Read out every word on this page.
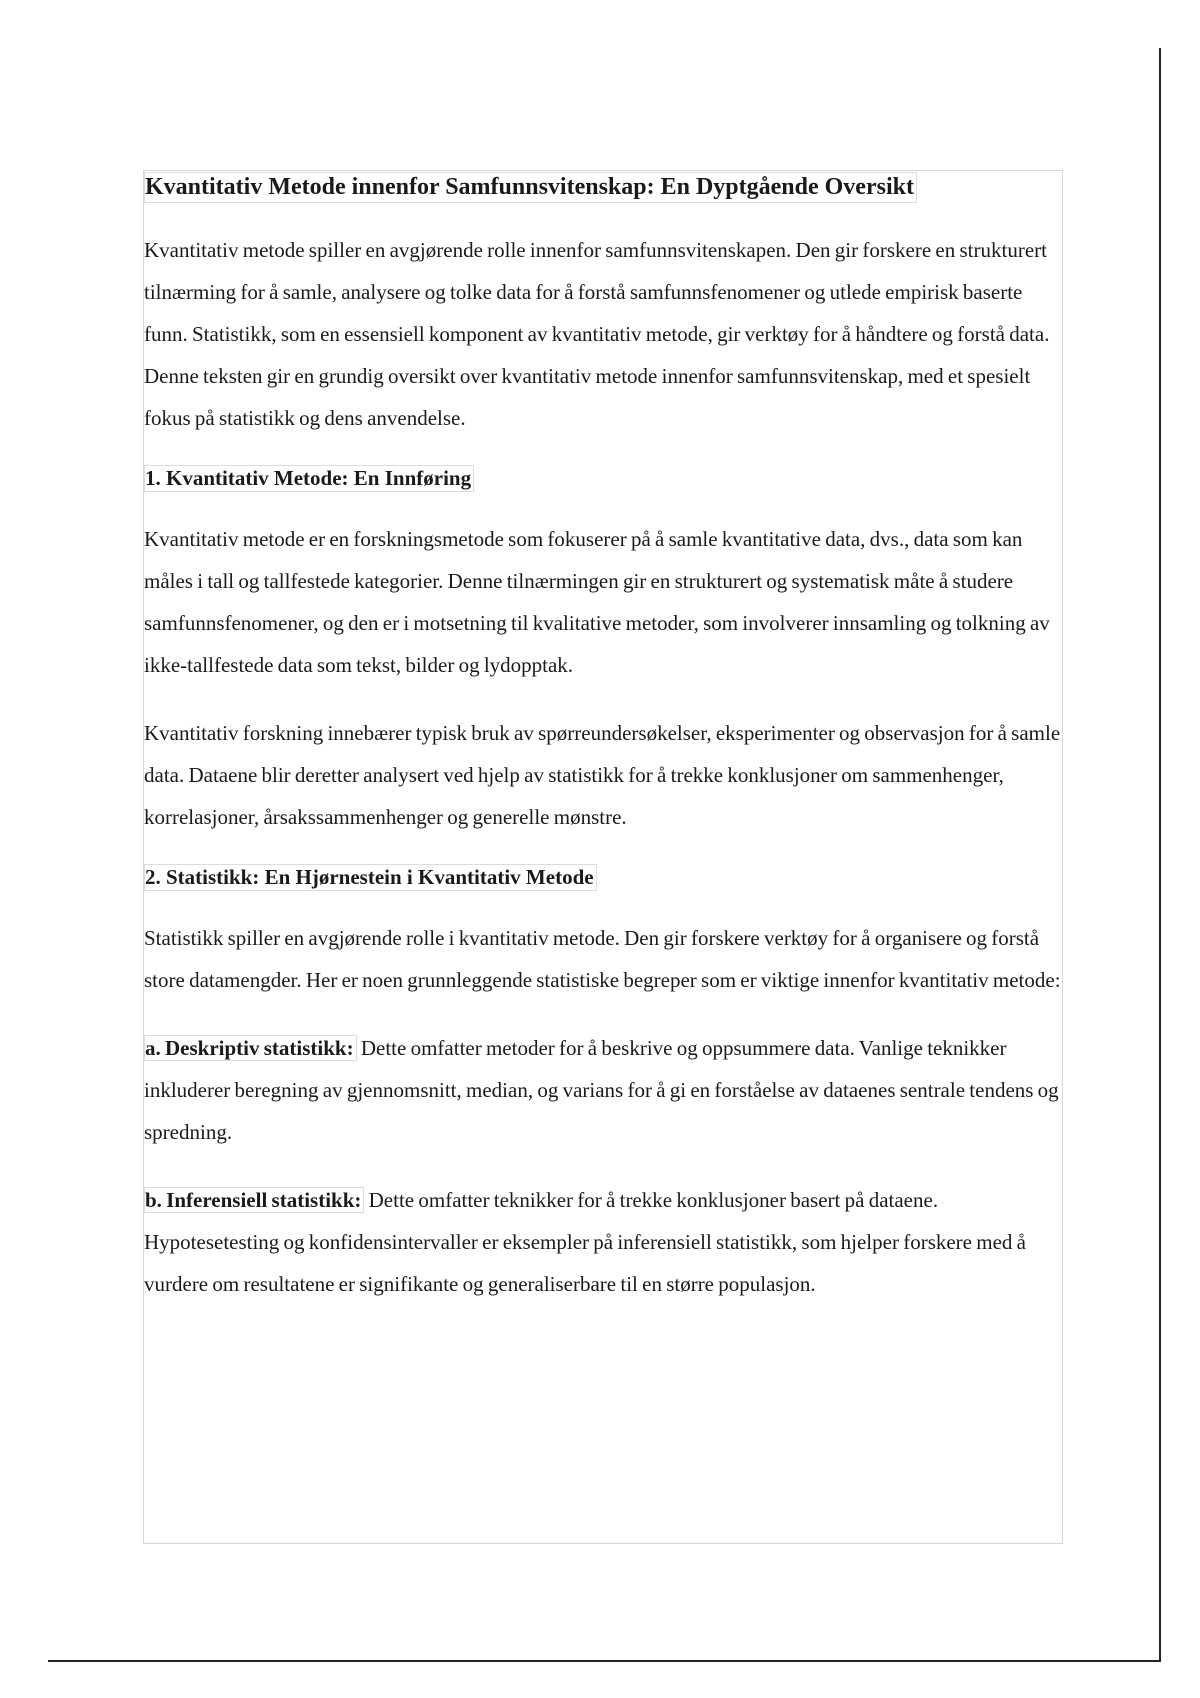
Kvantitativ Metode innenfor Samfunnsvitenskap: En Dyptgående Oversikt

Kvantitativ metode spiller en avgjørende rolle innenfor samfunnsvitenskapen. Den gir forskere en strukturert tilnærming for å samle, analysere og tolke data for å forstå samfunnsfenomener og utlede empirisk baserte funn. Statistikk, som en essensiell komponent av kvantitativ metode, gir verktøy for å håndtere og forstå data. Denne teksten gir en grundig oversikt over kvantitativ metode innenfor samfunnsvitenskap, med et spesielt fokus på statistikk og dens anvendelse.

1. Kvantitativ Metode: En Innføring

Kvantitativ metode er en forskningsmetode som fokuserer på å samle kvantitative data, dvs., data som kan måles i tall og tallfestede kategorier. Denne tilnærmingen gir en strukturert og systematisk måte å studere samfunnsfenomener, og den er i motsetning til kvalitative metoder, som involverer innsamling og tolkning av ikke-tallfestede data som tekst, bilder og lydopptak.

Kvantitativ forskning innebærer typisk bruk av spørreundersøkelser, eksperimenter og observasjon for å samle data. Dataene blir deretter analysert ved hjelp av statistikk for å trekke konklusjoner om sammenhenger, korrelasjoner, årsakssammenhenger og generelle mønstre.

2. Statistikk: En Hjørnestein i Kvantitativ Metode

Statistikk spiller en avgjørende rolle i kvantitativ metode. Den gir forskere verktøy for å organisere og forstå store datamengder. Her er noen grunnleggende statistiske begreper som er viktige innenfor kvantitativ metode:

a. Deskriptiv statistikk: Dette omfatter metoder for å beskrive og oppsummere data. Vanlige teknikker inkluderer beregning av gjennomsnitt, median, og varians for å gi en forståelse av dataenes sentrale tendens og spredning.

b. Inferensiell statistikk: Dette omfatter teknikker for å trekke konklusjoner basert på dataene. Hypotesetesting og konfidensintervaller er eksempler på inferensiell statistikk, som hjelper forskere med å vurdere om resultatene er signifikante og generaliserbare til en større populasjon.
